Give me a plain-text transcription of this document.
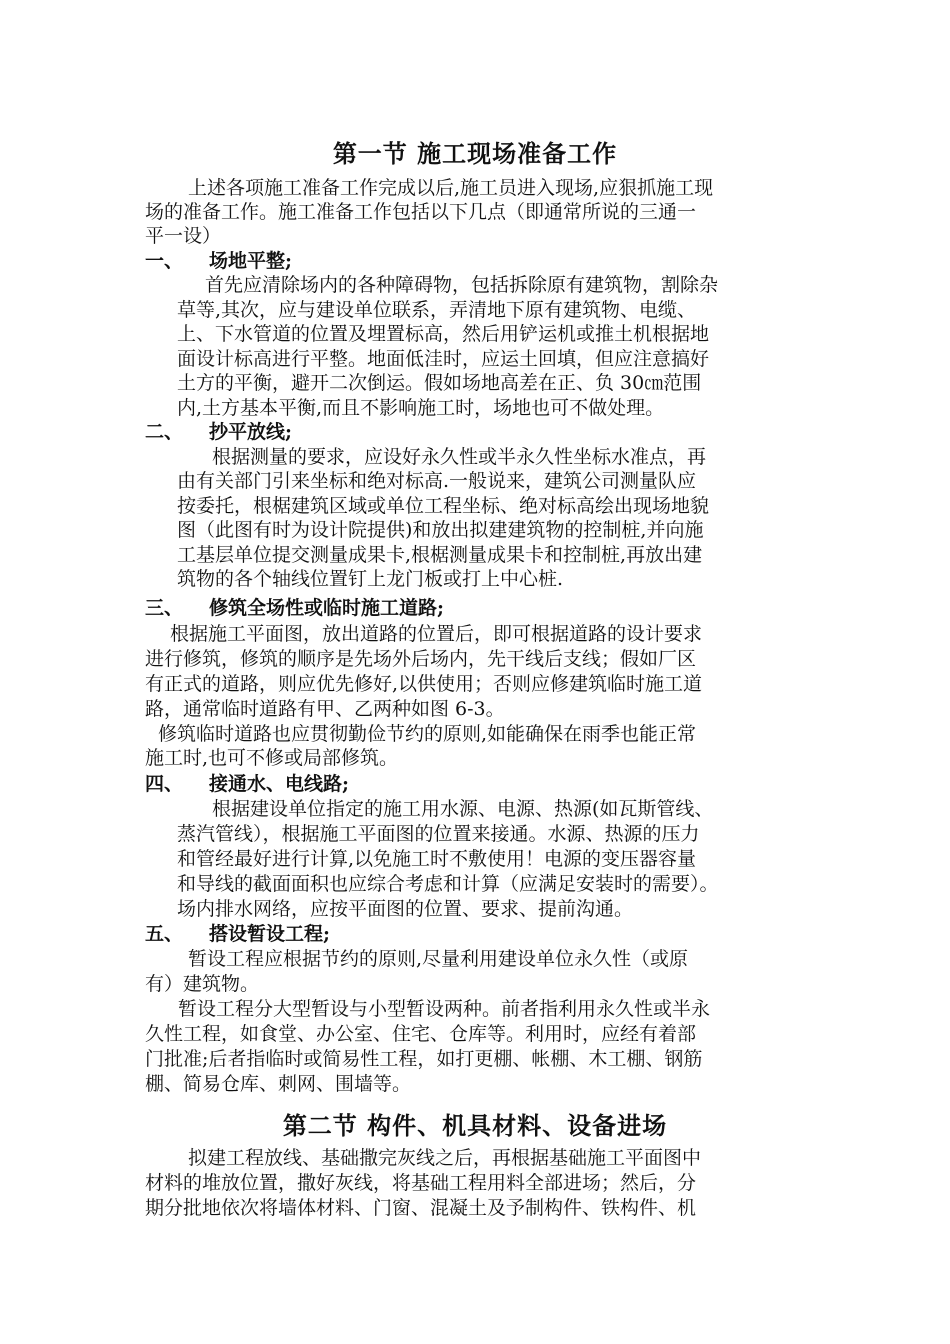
第一节 施工现场准备工作

上述各项施工准备工作完成以后,施工员进入现场,应狠抓施工现

场的准备工作。施工准备工作包括以下几点（即通常所说的三通一

平一设）

一、 场地平整;

首先应清除场内的各种障碍物，包括拆除原有建筑物，割除杂

草等,其次，应与建设单位联系，弄清地下原有建筑物、电缆、

上、下水管道的位置及埋置标高，然后用铲运机或推土机根据地

面设计标高进行平整。地面低洼时，应运土回填，但应注意搞好

土方的平衡，避开二次倒运。假如场地高差在正、负 30㎝范围

内,土方基本平衡,而且不影响施工时，场地也可不做处理。

二、 抄平放线;

根据测量的要求，应设好永久性或半永久性坐标水准点，再

由有关部门引来坐标和绝对标高.一般说来，建筑公司测量队应

按委托，根椐建筑区域或单位工程坐标、绝对标高绘出现场地貌

图（此图有时为设计院提供)和放出拟建建筑物的控制桩,并向施

工基层单位提交测量成果卡,根椐测量成果卡和控制桩,再放出建

筑物的各个轴线位置钉上龙门板或打上中心桩.

三、 修筑全场性或临时施工道路;

根据施工平面图，放出道路的位置后，即可根据道路的设计要求

进行修筑，修筑的顺序是先场外后场内，先干线后支线；假如厂区

有正式的道路，则应优先修好,以供使用；否则应修建筑临时施工道

路，通常临时道路有甲、乙两种如图 6-3。

修筑临时道路也应贯彻勤俭节约的原则,如能确保在雨季也能正常

施工时,也可不修或局部修筑。

四、 接通水、电线路;

根据建设单位指定的施工用水源、电源、热源(如瓦斯管线、

蒸汽管线），根据施工平面图的位置来接通。水源、热源的压力

和管经最好进行计算,以免施工时不敷使用！电源的变压器容量

和导线的截面面积也应综合考虑和计算（应满足安装时的需要）。

场内排水网络，应按平面图的位置、要求、提前沟通。

五、 搭设暂设工程;

暂设工程应根据节约的原则,尽量利用建设单位永久性（或原

有）建筑物。

暂设工程分大型暂设与小型暂设两种。前者指利用永久性或半永

久性工程，如食堂、办公室、住宅、仓库等。利用时，应经有着部

门批准;后者指临时或简易性工程，如打更棚、帐棚、木工棚、钢筋

棚、简易仓库、刺网、围墙等。

第二节 构件、机具材料、设备进场

拟建工程放线、基础撒完灰线之后，再根据基础施工平面图中

材料的堆放位置，撒好灰线，将基础工程用料全部进场；然后，分

期分批地依次将墙体材料、门窗、混凝土及予制构件、铁构件、机
